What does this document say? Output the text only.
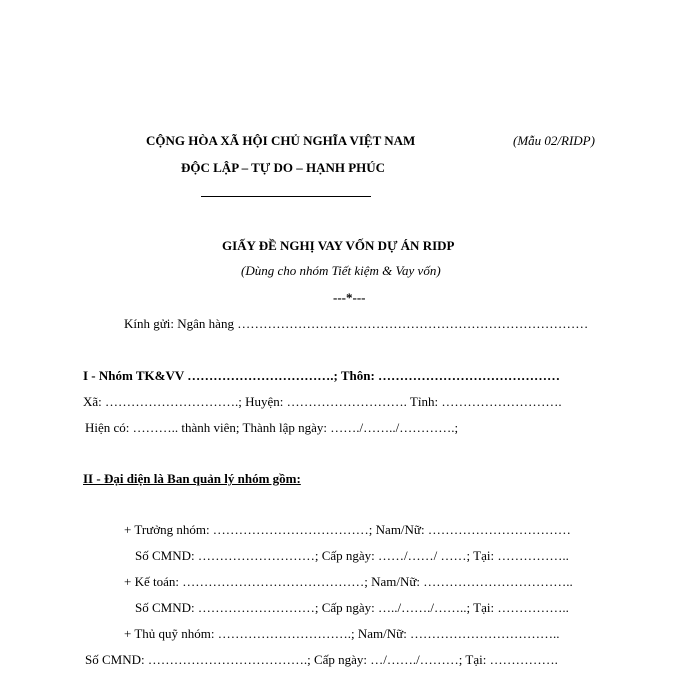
CỘNG HÒA XÃ HỘI CHỦ NGHĨA VIỆT NAM	(Mẫu 02/RIDP)
ĐỘC LẬP – TỰ DO – HẠNH PHÚC
GIẤY ĐỀ NGHỊ VAY VỐN DỰ ÁN RIDP
(Dùng cho nhóm Tiết kiệm & Vay vốn)
---*---
Kính gửi: Ngân hàng ………………………………………………………………………
I - Nhóm TK&VV …………………………….; Thôn: ……………………………………
Xã: ………………………….; Huyện: ………………………. Tỉnh: ……………………….
Hiện có: ……….. thành viên; Thành lập ngày: ……./……../………….;
II - Đại diện là Ban quản lý nhóm gồm:
+ Trưởng nhóm: ………………………………; Nam/Nữ: ……………………………
Số CMND: ………………………; Cấp ngày: ……/……/ ……; Tại: ……………..
+ Kế toán: ……………………………………; Nam/Nữ: ……………………………..
Số CMND: ………………………; Cấp ngày: …../……./……..; Tại: ……………..
+ Thủ quỹ nhóm: ………………………….; Nam/Nữ: ……………………………..
Số CMND: ……………………………….; Cấp ngày: …/……./………; Tại: …………….
